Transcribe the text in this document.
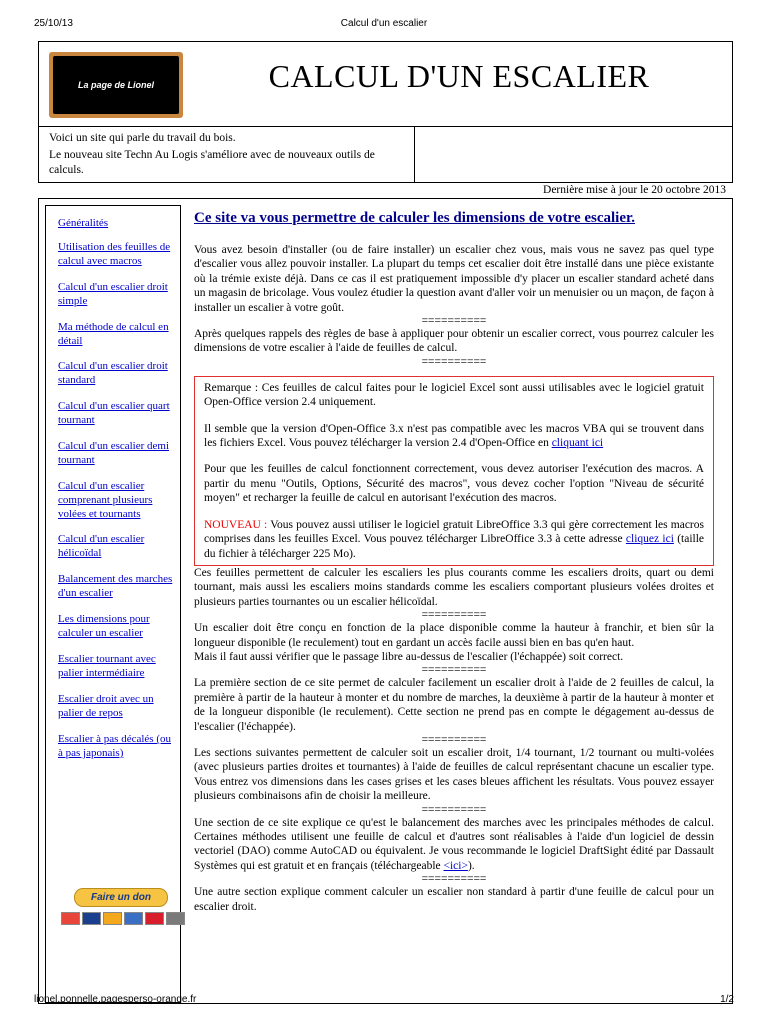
25/10/13	Calcul d'un escalier
La page de Lionel	CALCUL D'UN ESCALIER
Voici un site qui parle du travail du bois.
Le nouveau site Techn Au Logis s'améliore avec de nouveaux outils de calculs.
Dernière mise à jour le 20 octobre 2013
Généralités
Utilisation des feuilles de calcul avec macros
Calcul d'un escalier droit simple
Ma méthode de calcul en détail
Calcul d'un escalier droit standard
Calcul d'un escalier quart tournant
Calcul d'un escalier demi tournant
Calcul d'un escalier comprenant plusieurs volées et tournants
Calcul d'un escalier hélicoïdal
Balancement des marches d'un escalier
Les dimensions pour calculer un escalier
Escalier tournant avec palier intermédiaire
Escalier droit avec un palier de repos
Escalier à pas décalés (ou à pas japonais)
Faire un don

Ce site va vous permettre de calculer les dimensions de votre escalier.

Vous avez besoin d'installer (ou de faire installer) un escalier chez vous, mais vous ne savez pas quel type d'escalier vous allez pouvoir installer. La plupart du temps cet escalier doit être installé dans une pièce existante où la trémie existe déjà. Dans ce cas il est pratiquement impossible d'y placer un escalier standard acheté dans un magasin de bricolage. Vous voulez étudier la question avant d'aller voir un menuisier ou un maçon, de façon à installer un escalier à votre goût.

==========

Après quelques rappels des règles de base à appliquer pour obtenir un escalier correct, vous pourrez calculer les dimensions de votre escalier à l'aide de feuilles de calcul.

==========

Remarque : Ces feuilles de calcul faites pour le logiciel Excel sont aussi utilisables avec le logiciel gratuit Open-Office version 2.4 uniquement.

Il semble que la version d'Open-Office 3.x n'est pas compatible avec les macros VBA qui se trouvent dans les fichiers Excel. Vous pouvez télécharger la version 2.4 d'Open-Office en cliquant ici

Pour que les feuilles de calcul fonctionnent correctement, vous devez autoriser l'exécution des macros. A partir du menu "Outils, Options, Sécurité des macros", vous devez cocher l'option "Niveau de sécurité moyen" et recharger la feuille de calcul en autorisant l'exécution des macros.

NOUVEAU : Vous pouvez aussi utiliser le logiciel gratuit LibreOffice 3.3 qui gère correctement les macros comprises dans les feuilles Excel. Vous pouvez télécharger LibreOffice 3.3 à cette adresse cliquez ici (taille du fichier à télécharger 225 Mo).

Ces feuilles permettent de calculer les escaliers les plus courants comme les escaliers droits, quart ou demi tournant, mais aussi les escaliers moins standards comme les escaliers comportant plusieurs volées droites et plusieurs parties tournantes ou un escalier hélicoïdal.

==========

Un escalier doit être conçu en fonction de la place disponible comme la hauteur à franchir, et bien sûr la longueur disponible (le reculement) tout en gardant un accès facile aussi bien en bas qu'en haut.

Mais il faut aussi vérifier que le passage libre au-dessus de l'escalier (l'échappée) soit correct.

==========

La première section de ce site permet de calculer facilement un escalier droit à l'aide de 2 feuilles de calcul, la première à partir de la hauteur à monter et du nombre de marches, la deuxième à partir de la hauteur à monter et de la longueur disponible (le reculement). Cette section ne prend pas en compte le dégagement au-dessus de l'escalier (l'échappée).

==========

Les sections suivantes permettent de calculer soit un escalier droit, 1/4 tournant, 1/2 tournant ou multi-volées (avec plusieurs parties droites et tournantes) à l'aide de feuilles de calcul représentant chacune un escalier type. Vous entrez vos dimensions dans les cases grises et les cases bleues affichent les résultats. Vous pouvez essayer plusieurs combinaisons afin de choisir la meilleure.

==========

Une section de ce site explique ce qu'est le balancement des marches avec les principales méthodes de calcul. Certaines méthodes utilisent une feuille de calcul et d'autres sont réalisables à l'aide d'un logiciel de dessin vectoriel (DAO) comme AutoCAD ou équivalent. Je vous recommande le logiciel DraftSight édité par Dassault Systèmes qui est gratuit et en français (téléchargeable <ici>).

==========

Une autre section explique comment calculer un escalier non standard à partir d'une feuille de calcul pour un escalier droit.

lionel.ponnelle.pagesperso-orange.fr	1/2
